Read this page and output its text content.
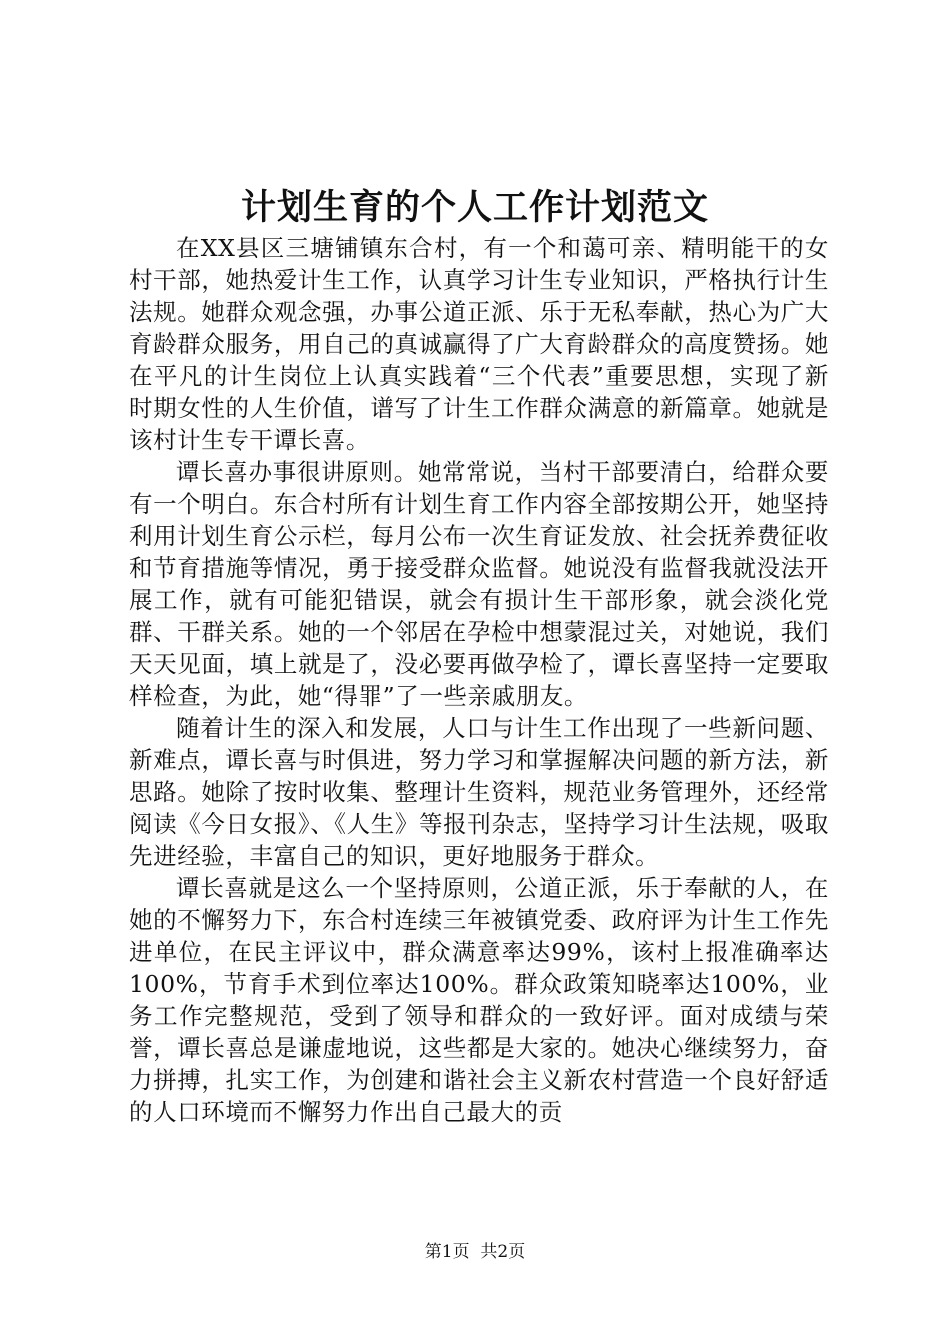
计划生育的个人工作计划范文

在XX县区三塘铺镇东合村，有一个和蔼可亲、精明能干的女村干部，她热爱计生工作，认真学习计生专业知识，严格执行计生法规。她群众观念强，办事公道正派、乐于无私奉献，热心为广大育龄群众服务，用自己的真诚赢得了广大育龄群众的高度赞扬。她在平凡的计生岗位上认真实践着“三个代表”重要思想，实现了新时期女性的人生价值，谱写了计生工作群众满意的新篇章。她就是该村计生专干谭长喜。

谭长喜办事很讲原则。她常常说，当村干部要清白，给群众要有一个明白。东合村所有计划生育工作内容全部按期公开，她坚持利用计划生育公示栏，每月公布一次生育证发放、社会抚养费征收和节育措施等情况，勇于接受群众监督。她说没有监督我就没法开展工作，就有可能犯错误，就会有损计生干部形象，就会淡化党群、干群关系。她的一个邻居在孕检中想蒙混过关，对她说，我们天天见面，填上就是了，没必要再做孕检了，谭长喜坚持一定要取样检查，为此，她“得罪”了一些亲戚朋友。

随着计生的深入和发展，人口与计生工作出现了一些新问题、新难点，谭长喜与时俱进，努力学习和掌握解决问题的新方法，新思路。她除了按时收集、整理计生资料，规范业务管理外，还经常阅读《今日女报》、《人生》等报刊杂志，坚持学习计生法规，吸取先进经验，丰富自己的知识，更好地服务于群众。

谭长喜就是这么一个坚持原则，公道正派，乐于奉献的人，在她的不懈努力下，东合村连续三年被镇党委、政府评为计生工作先进单位，在民主评议中，群众满意率达99%，该村上报准确率达100%，节育手术到位率达100%。群众政策知晓率达100%，业务工作完整规范，受到了领导和群众的一致好评。面对成绩与荣誉，谭长喜总是谦虚地说，这些都是大家的。她决心继续努力，奋力拼搏，扎实工作，为创建和谐社会主义新农村营造一个良好舒适的人口环境而不懈努力作出自己最大的贡

第1页 共2页
